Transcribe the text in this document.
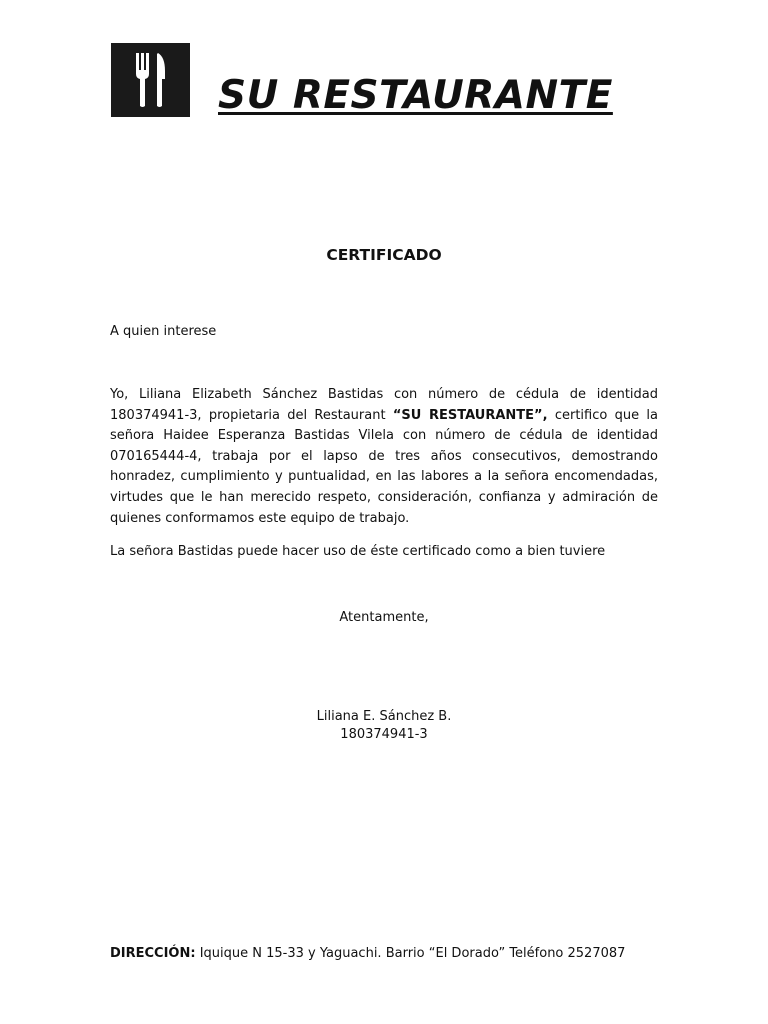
SU RESTAURANTE
CERTIFICADO
A quien interese
Yo, Liliana Elizabeth Sánchez Bastidas con número de cédula de identidad 180374941-3, propietaria del Restaurant “SU RESTAURANTE”, certifico que la señora Haidee Esperanza Bastidas Vilela con número de cédula de identidad 070165444-4, trabaja por el lapso de tres años consecutivos, demostrando honradez, cumplimiento y puntualidad, en las labores a la señora encomendadas, virtudes que le han merecido respeto, consideración, confianza y admiración de quienes conformamos este equipo de trabajo.
La señora Bastidas puede hacer uso de éste certificado como a bien tuviere
Atentamente,
Liliana E. Sánchez B.
180374941-3
DIRECCIÓN: Iquique N 15-33 y Yaguachi. Barrio “El Dorado” Teléfono 2527087
